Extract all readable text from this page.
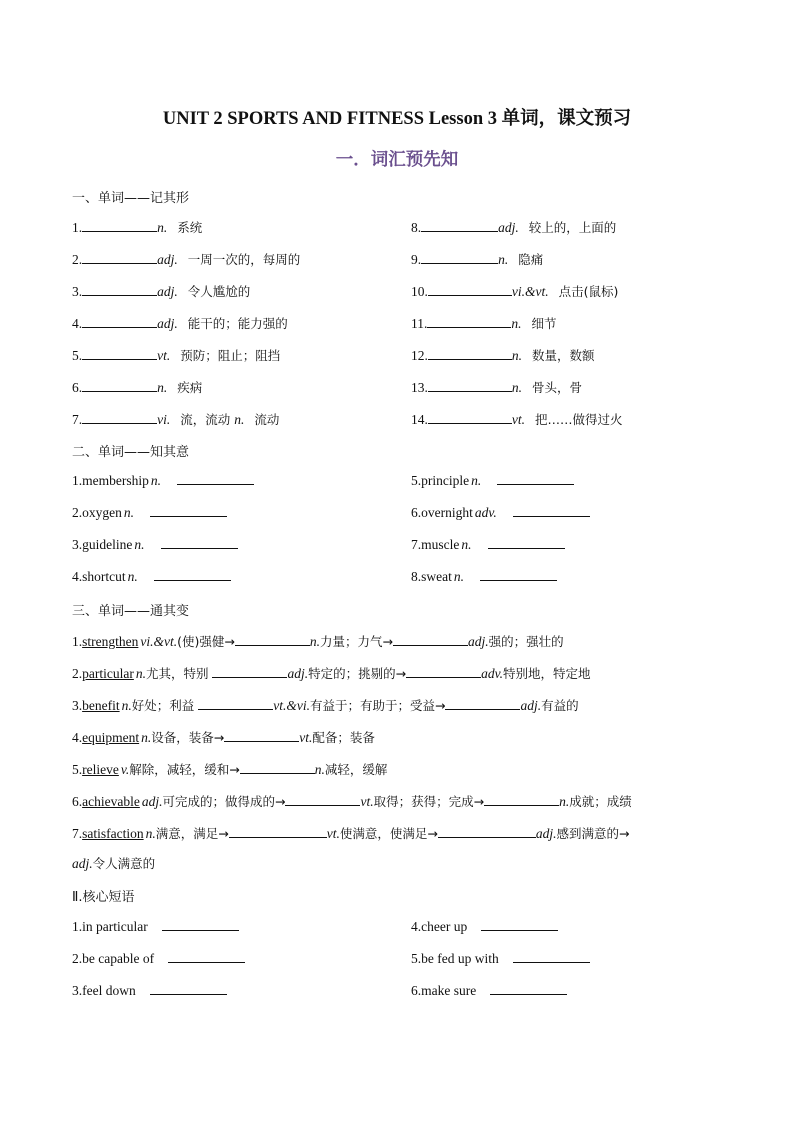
UNIT 2 SPORTS AND FITNESS Lesson 3 单词，课文预习
一．词汇预先知
一、单词——记其形
1.	n. 系统
2.	adj. 一周一次的，每周的
3.	adj. 令人尴尬的
4.	adj. 能干的；能力强的
5.	vt. 预防；阻止；阻挡
6.	n. 疾病
7.	vi. 流，流动 n. 流动
8.	adj. 较上的，上面的
9.	n. 隐痛
10.	vi.&vt. 点击(鼠标)
11.	n. 细节
12.	n. 数量，数额
13.	n. 骨头，骨
14.	vt. 把……做得过火
二、单词——知其意
1.membership n.
2.oxygen n.
3.guideline n.
4.shortcut n.
5.principle n.
6.overnight adv.
7.muscle n.
8.sweat n.
三、单词——通其变
1.strengthen vi.&vt.(使)强健→	n.力量；力气→	adj.强的；强壮的
2.particular n.尤其，特别	adj.特定的；挑剔的→	adv.特别地，特定地
3.benefit n.好处；利益	vt.&vi.有益于；有助于；受益→	adj.有益的
4.equipment n.设备，装备→	vt.配备；装备
5.relieve v.解除，减轻，缓和→	n.减轻，缓解
6.achievable adj.可完成的；做得成的→	vt.取得；获得；完成→	n.成就；成绩
7.satisfaction n.满意，满足→	vt.使满意，使满足→	adj.感到满意的→
adj.令人满意的
Ⅱ.核心短语
1.in particular
2.be capable of
3.feel down
4.cheer up
5.be fed up with
6.make sure
